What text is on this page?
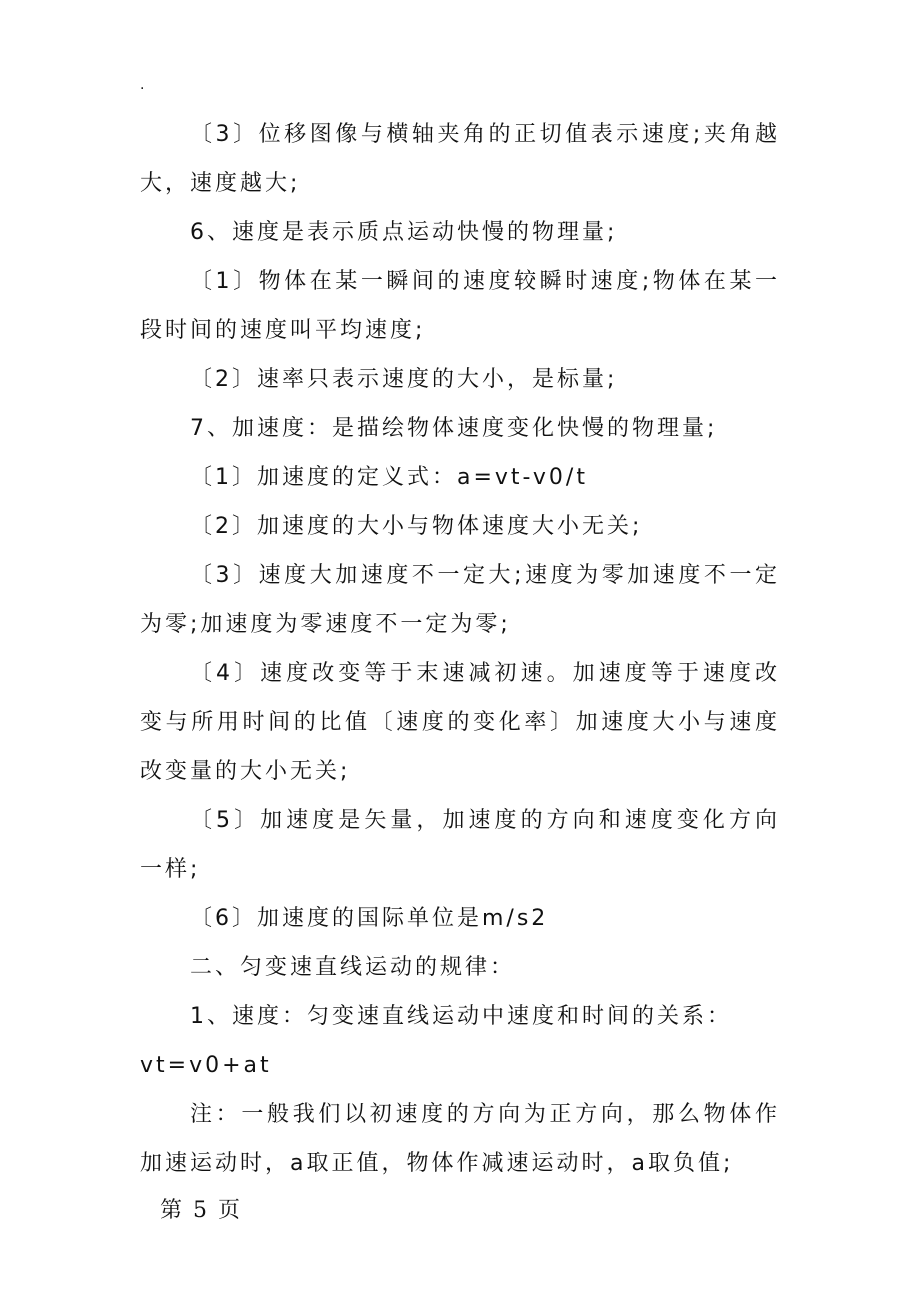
.

〔3〕位移图像与横轴夹角的正切值表示速度;夹角越大，速度越大;

6、速度是表示质点运动快慢的物理量;

〔1〕物体在某一瞬间的速度较瞬时速度;物体在某一段时间的速度叫平均速度;

〔2〕速率只表示速度的大小，是标量;

7、加速度：是描绘物体速度变化快慢的物理量;

〔1〕加速度的定义式：a=vt-v0/t

〔2〕加速度的大小与物体速度大小无关;

〔3〕速度大加速度不一定大;速度为零加速度不一定为零;加速度为零速度不一定为零;

〔4〕速度改变等于末速减初速。加速度等于速度改变与所用时间的比值〔速度的变化率〕加速度大小与速度改变量的大小无关;

〔5〕加速度是矢量，加速度的方向和速度变化方向一样;

〔6〕加速度的国际单位是m/s2

二、匀变速直线运动的规律：

1、速度：匀变速直线运动中速度和时间的关系：

vt=v0+at

注：一般我们以初速度的方向为正方向，那么物体作加速运动时，a取正值，物体作减速运动时，a取负值;

第 5 页
